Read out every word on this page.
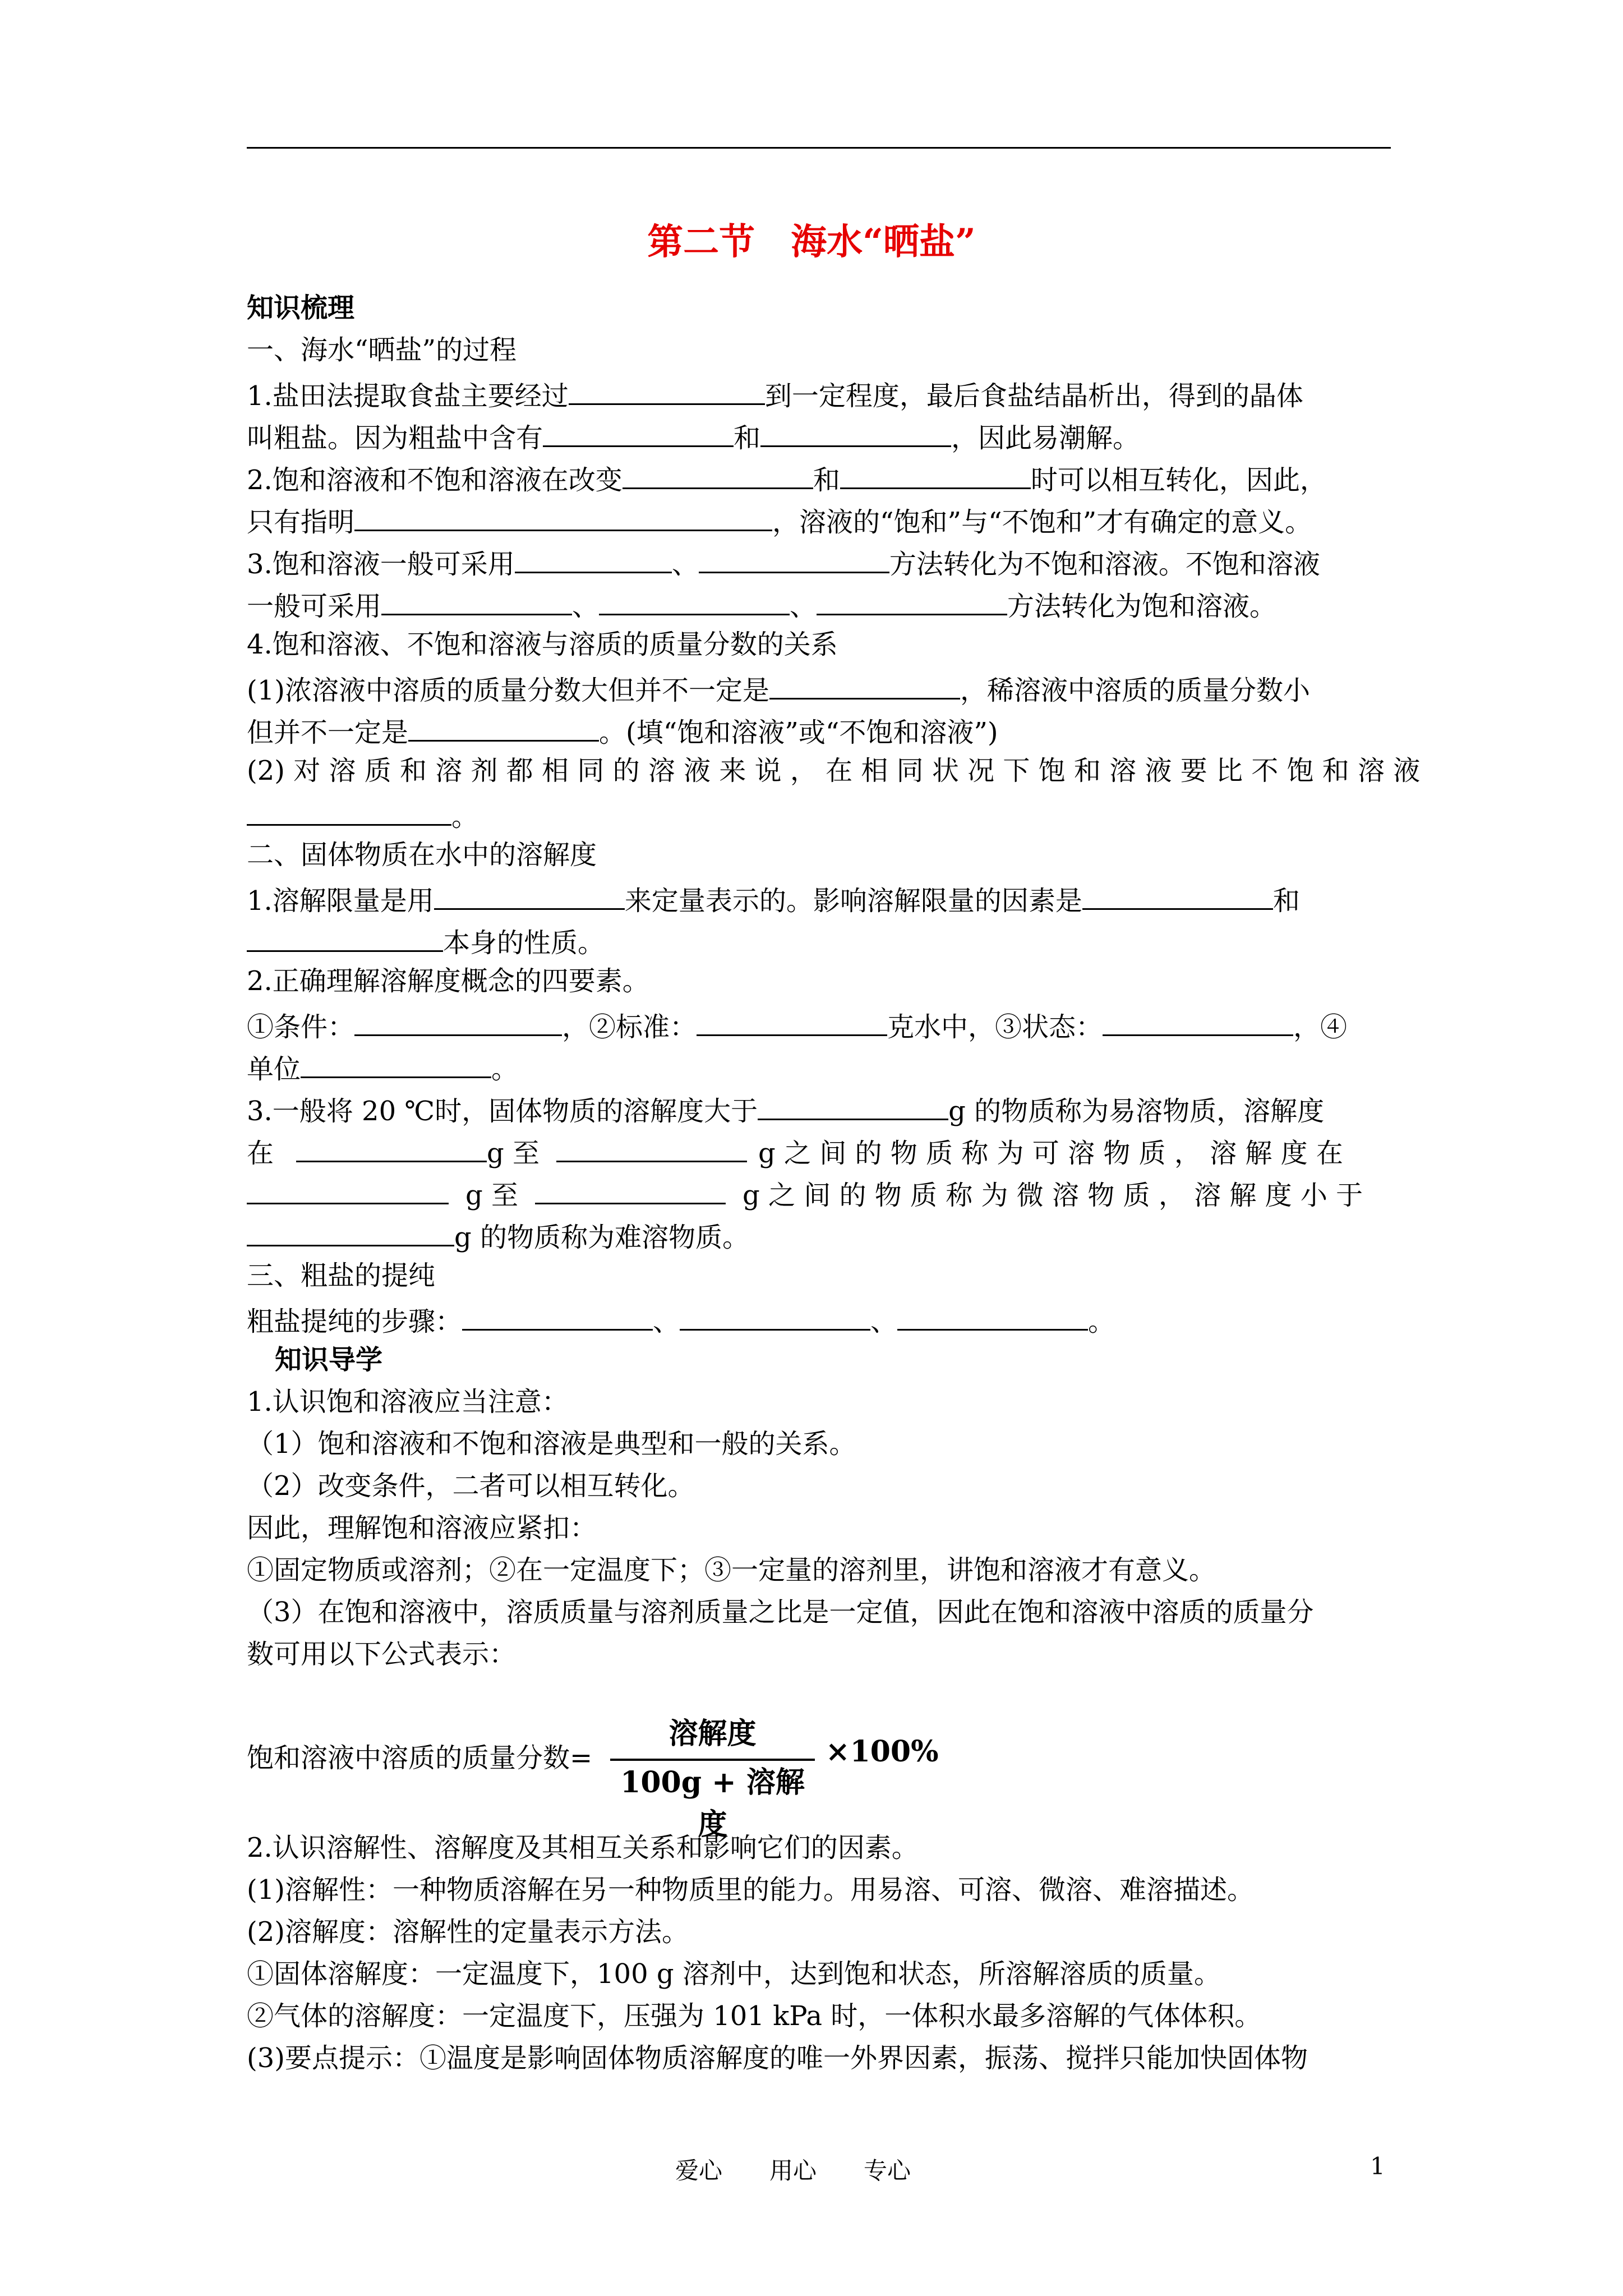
第二节　海水“晒盐”
知识梳理
一、海水“晒盐”的过程
1.盐田法提取食盐主要经过	到一定程度，最后食盐结晶析出，得到的晶体
叫粗盐。因为粗盐中含有	和	，因此易潮解。
2.饱和溶液和不饱和溶液在改变	和	时可以相互转化，因此，
只有指明	，溶液的“饱和”与“不饱和”才有确定的意义。
3.饱和溶液一般可采用	、	方法转化为不饱和溶液。不饱和溶液
一般可采用	、	、	方法转化为饱和溶液。
4.饱和溶液、不饱和溶液与溶质的质量分数的关系
(1)浓溶液中溶质的质量分数大但并不一定是	，稀溶液中溶质的质量分数小
但并不一定是	。(填“饱和溶液”或“不饱和溶液”)
(2) 对 溶 质 和 溶 剂 都 相 同 的 溶 液 来 说 ， 在 相 同 状 况 下 饱 和 溶 液 要 比 不 饱 和 溶 液
。
二、固体物质在水中的溶解度
1.溶解限量是用	来定量表示的。影响溶解限量的因素是	和
本身的性质。
2.正确理解溶解度概念的四要素。
①条件：	，②标准：	克水中，③状态：	，④
单位	。
3.一般将 20 ℃时，固体物质的溶解度大于	g 的物质称为易溶物质，溶解度
在	g 至	g 之 间 的 物 质 称 为 可 溶 物 质 ， 溶 解 度 在
g 至	g 之 间 的 物 质 称 为 微 溶 物 质 ， 溶 解 度 小 于
g 的物质称为难溶物质。
三、粗盐的提纯
粗盐提纯的步骤：	、	、	。
知识导学
1.认识饱和溶液应当注意：
（1）饱和溶液和不饱和溶液是典型和一般的关系。
（2）改变条件，二者可以相互转化。
因此，理解饱和溶液应紧扣：
①固定物质或溶剂；②在一定温度下；③一定量的溶剂里，讲饱和溶液才有意义。
（3）在饱和溶液中，溶质质量与溶剂质量之比是一定值，因此在饱和溶液中溶质的质量分
数可用以下公式表示：
饱和溶液中溶质的质量分数=
溶解度
100g + 溶解度
×100%
2.认识溶解性、溶解度及其相互关系和影响它们的因素。
(1)溶解性：一种物质溶解在另一种物质里的能力。用易溶、可溶、微溶、难溶描述。
(2)溶解度：溶解性的定量表示方法。
①固体溶解度：一定温度下，100 g 溶剂中，达到饱和状态，所溶解溶质的质量。
②气体的溶解度：一定温度下，压强为 101 kPa 时，一体积水最多溶解的气体体积。
(3)要点提示：①温度是影响固体物质溶解度的唯一外界因素，振荡、搅拌只能加快固体物
爱心　　用心　　专心	1
